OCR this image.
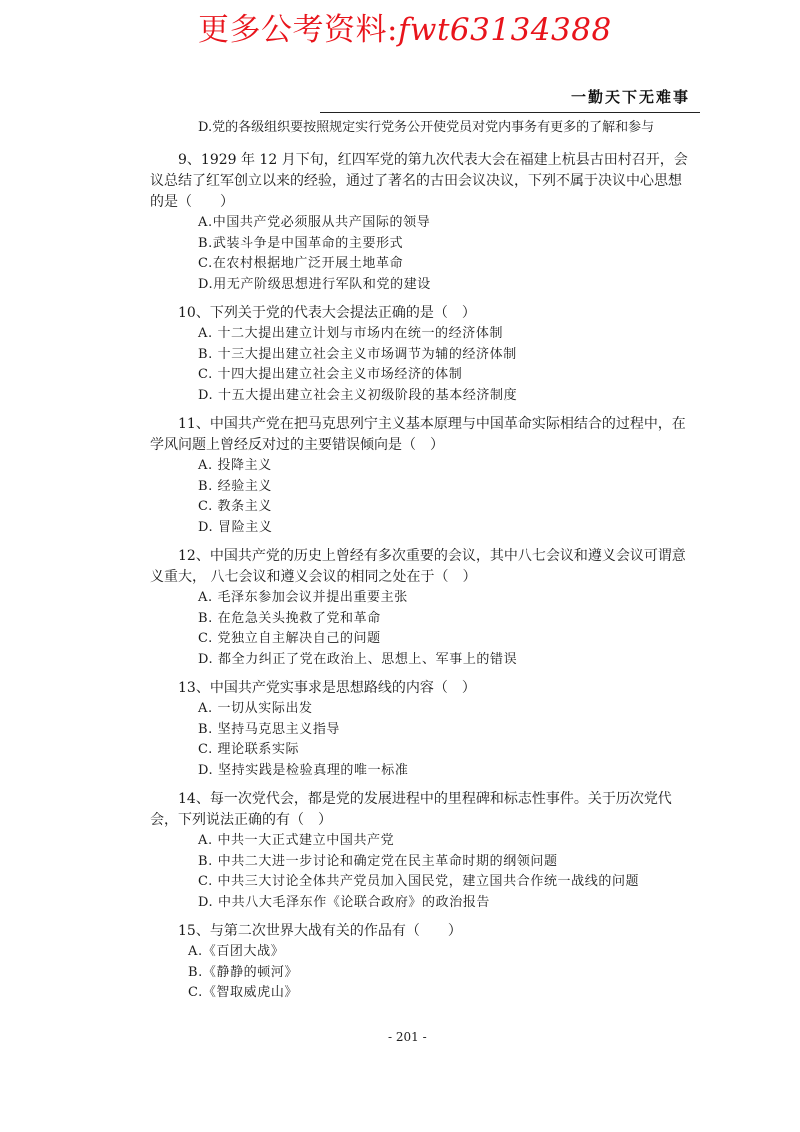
更多公考资料:fwt63134388
一勤天下无难事
D.党的各级组织要按照规定实行党务公开使党员对党内事务有更多的了解和参与

9、1929 年 12 月下旬，红四军党的第九次代表大会在福建上杭县古田村召开，会议总结了红军创立以来的经验，通过了著名的古田会议决议，下列不属于决议中心思想的是（　　）

A.中国共产党必须服从共产国际的领导
B.武装斗争是中国革命的主要形式
C.在农村根据地广泛开展土地革命
D.用无产阶级思想进行军队和党的建设

10、下列关于党的代表大会提法正确的是（　）

A. 十二大提出建立计划与市场内在统一的经济体制
B. 十三大提出建立社会主义市场调节为辅的经济体制
C. 十四大提出建立社会主义市场经济的体制
D. 十五大提出建立社会主义初级阶段的基本经济制度

11、中国共产党在把马克思列宁主义基本原理与中国革命实际相结合的过程中，在学风问题上曾经反对过的主要错误倾向是（　）

A. 投降主义
B. 经验主义
C. 教条主义
D. 冒险主义

12、中国共产党的历史上曾经有多次重要的会议，其中八七会议和遵义会议可谓意义重大， 八七会议和遵义会议的相同之处在于（　）

A. 毛泽东参加会议并提出重要主张
B. 在危急关头挽救了党和革命
C. 党独立自主解决自己的问题
D. 都全力纠正了党在政治上、思想上、军事上的错误

13、中国共产党实事求是思想路线的内容（　）

A. 一切从实际出发
B. 坚持马克思主义指导
C. 理论联系实际
D. 坚持实践是检验真理的唯一标准

14、每一次党代会，都是党的发展进程中的里程碑和标志性事件。关于历次党代会，下列说法正确的有（　）

A. 中共一大正式建立中国共产党
B. 中共二大进一步讨论和确定党在民主革命时期的纲领问题
C. 中共三大讨论全体共产党员加入国民党，建立国共合作统一战线的问题
D. 中共八大毛泽东作《论联合政府》的政治报告

15、与第二次世界大战有关的作品有（　　）

A.《百团大战》
B.《静静的顿河》
C.《智取威虎山》
- 201 -
